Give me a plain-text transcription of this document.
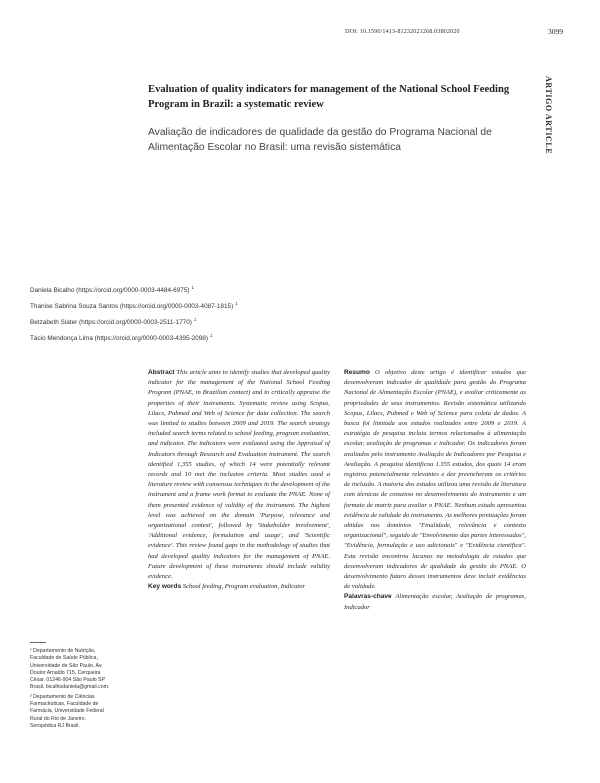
DOI: 10.1590/1413-81232021268.03802020	3099
ARTIGO ARTICLE
Evaluation of quality indicators for management of the National School Feeding Program in Brazil: a systematic review
Avaliação de indicadores de qualidade da gestão do Programa Nacional de Alimentação Escolar no Brasil: uma revisão sistemática
Daniela Bicalho (https://orcid.org/0000-0003-4484-6975) $^1$
Thanise Sabrina Souza Santos (https://orcid.org/0000-0003-4087-1815) $^1$
Betzabeth Slater (https://orcid.org/0000-0003-2511-1770) $^1$
Tácio Mendonça Lima (https://orcid.org/0000-0003-4395-2098) $^1$
Abstract This article aims to identify studies that developed quality indicator for the management of the National School Feeding Program (PNAE, in Brazilian contect) and to critically appraise the properties of their instruments. Systematic review using Scopus, Lilacs, Pubmed and Web of Science for data collection. The search was limited to studies between 2009 and 2019. The search strategy included search terms related to school feeding, program evaluation, and indicator. The indicators were evaluated using the Appraisal of Indicators through Research and Evaluation instrument. The search identified 1,355 studies, of which 14 were potentially relevant records and 10 met the inclusion criteria. Most studies used a literature review with consensus techniques in the development of the instrument and a frame work format to evaluate the PNAE. None of them presented evidence of validity of the instrument. The highest level was achieved on the domain 'Purpose, relevance and organizational context', followed by 'Stakeholder involvement', 'Additional evidence, formulation and usage', and 'Scientific evidence'. This review found gaps in the methodology of studies that had developed quality indicators for the management of PNAE. Future development of these instruments should include validity evidence.
Key words School feeding, Program evaluation, Indicator
Resumo O objetivo deste artigo é identificar estudos que desenvolveram indicador de qualidade para gestão do Programa Nacional de Alimentação Escolar (PNAE), e avaliar criticamente as propriedades de seus instrumentos. Revisão sistemática utilizando Scopus, Lilacs, Pubmed e Web of Science para coleta de dados. A busca foi limitada aos estudos realizados entre 2009 e 2019. A estratégia de pesquisa incluiu termos relacionados à alimentação escolar, avaliação de programas e indicador. Os indicadores foram avaliados pelo instrumento Avaliação de Indicadores por Pesquisa e Avaliação. A pesquisa identificou 1.355 estudos, dos quais 14 eram registros potencialmente relevantes e dez preencheram os critérios de inclusão. A maioria dos estudos utilizou uma revisão de literatura com técnicas de consenso no desenvolvimento do instrumento e um formato de matriz para avaliar o PNAE. Nenhum estudo apresentou evidência de validade do instrumento. As melhores pontuações foram obtidas nos domínios "Finalidade, relevância e contexto organizacional", seguido de "Envolvimento das partes interessadas", "Evidência, formulação e uso adicionais" e "Evidência científica". Esta revisão encontrou lacunas na metodologia de estudos que desenvolveram indicadores de qualidade da gestão do PNAE. O desenvolvimento futuro desses instrumentos deve incluir evidências de validade.
Palavras-chave Alimentação escolar, Avaliação de programas, Indicador

¹ Departamento de Nutrição, Faculdade de Saúde Pública, Universidade de São Paulo. Av. Doutor Arnaldo 715, Cerqueira César. 01246-904 São Paulo SP Brasil. bicalhodaniela@gmail.com.

² Departamento de Ciências Farmacêuticas, Faculdade de Farmácia, Universidade Federal Rural do Rio de Janeiro. Seropédica RJ Brasil.
